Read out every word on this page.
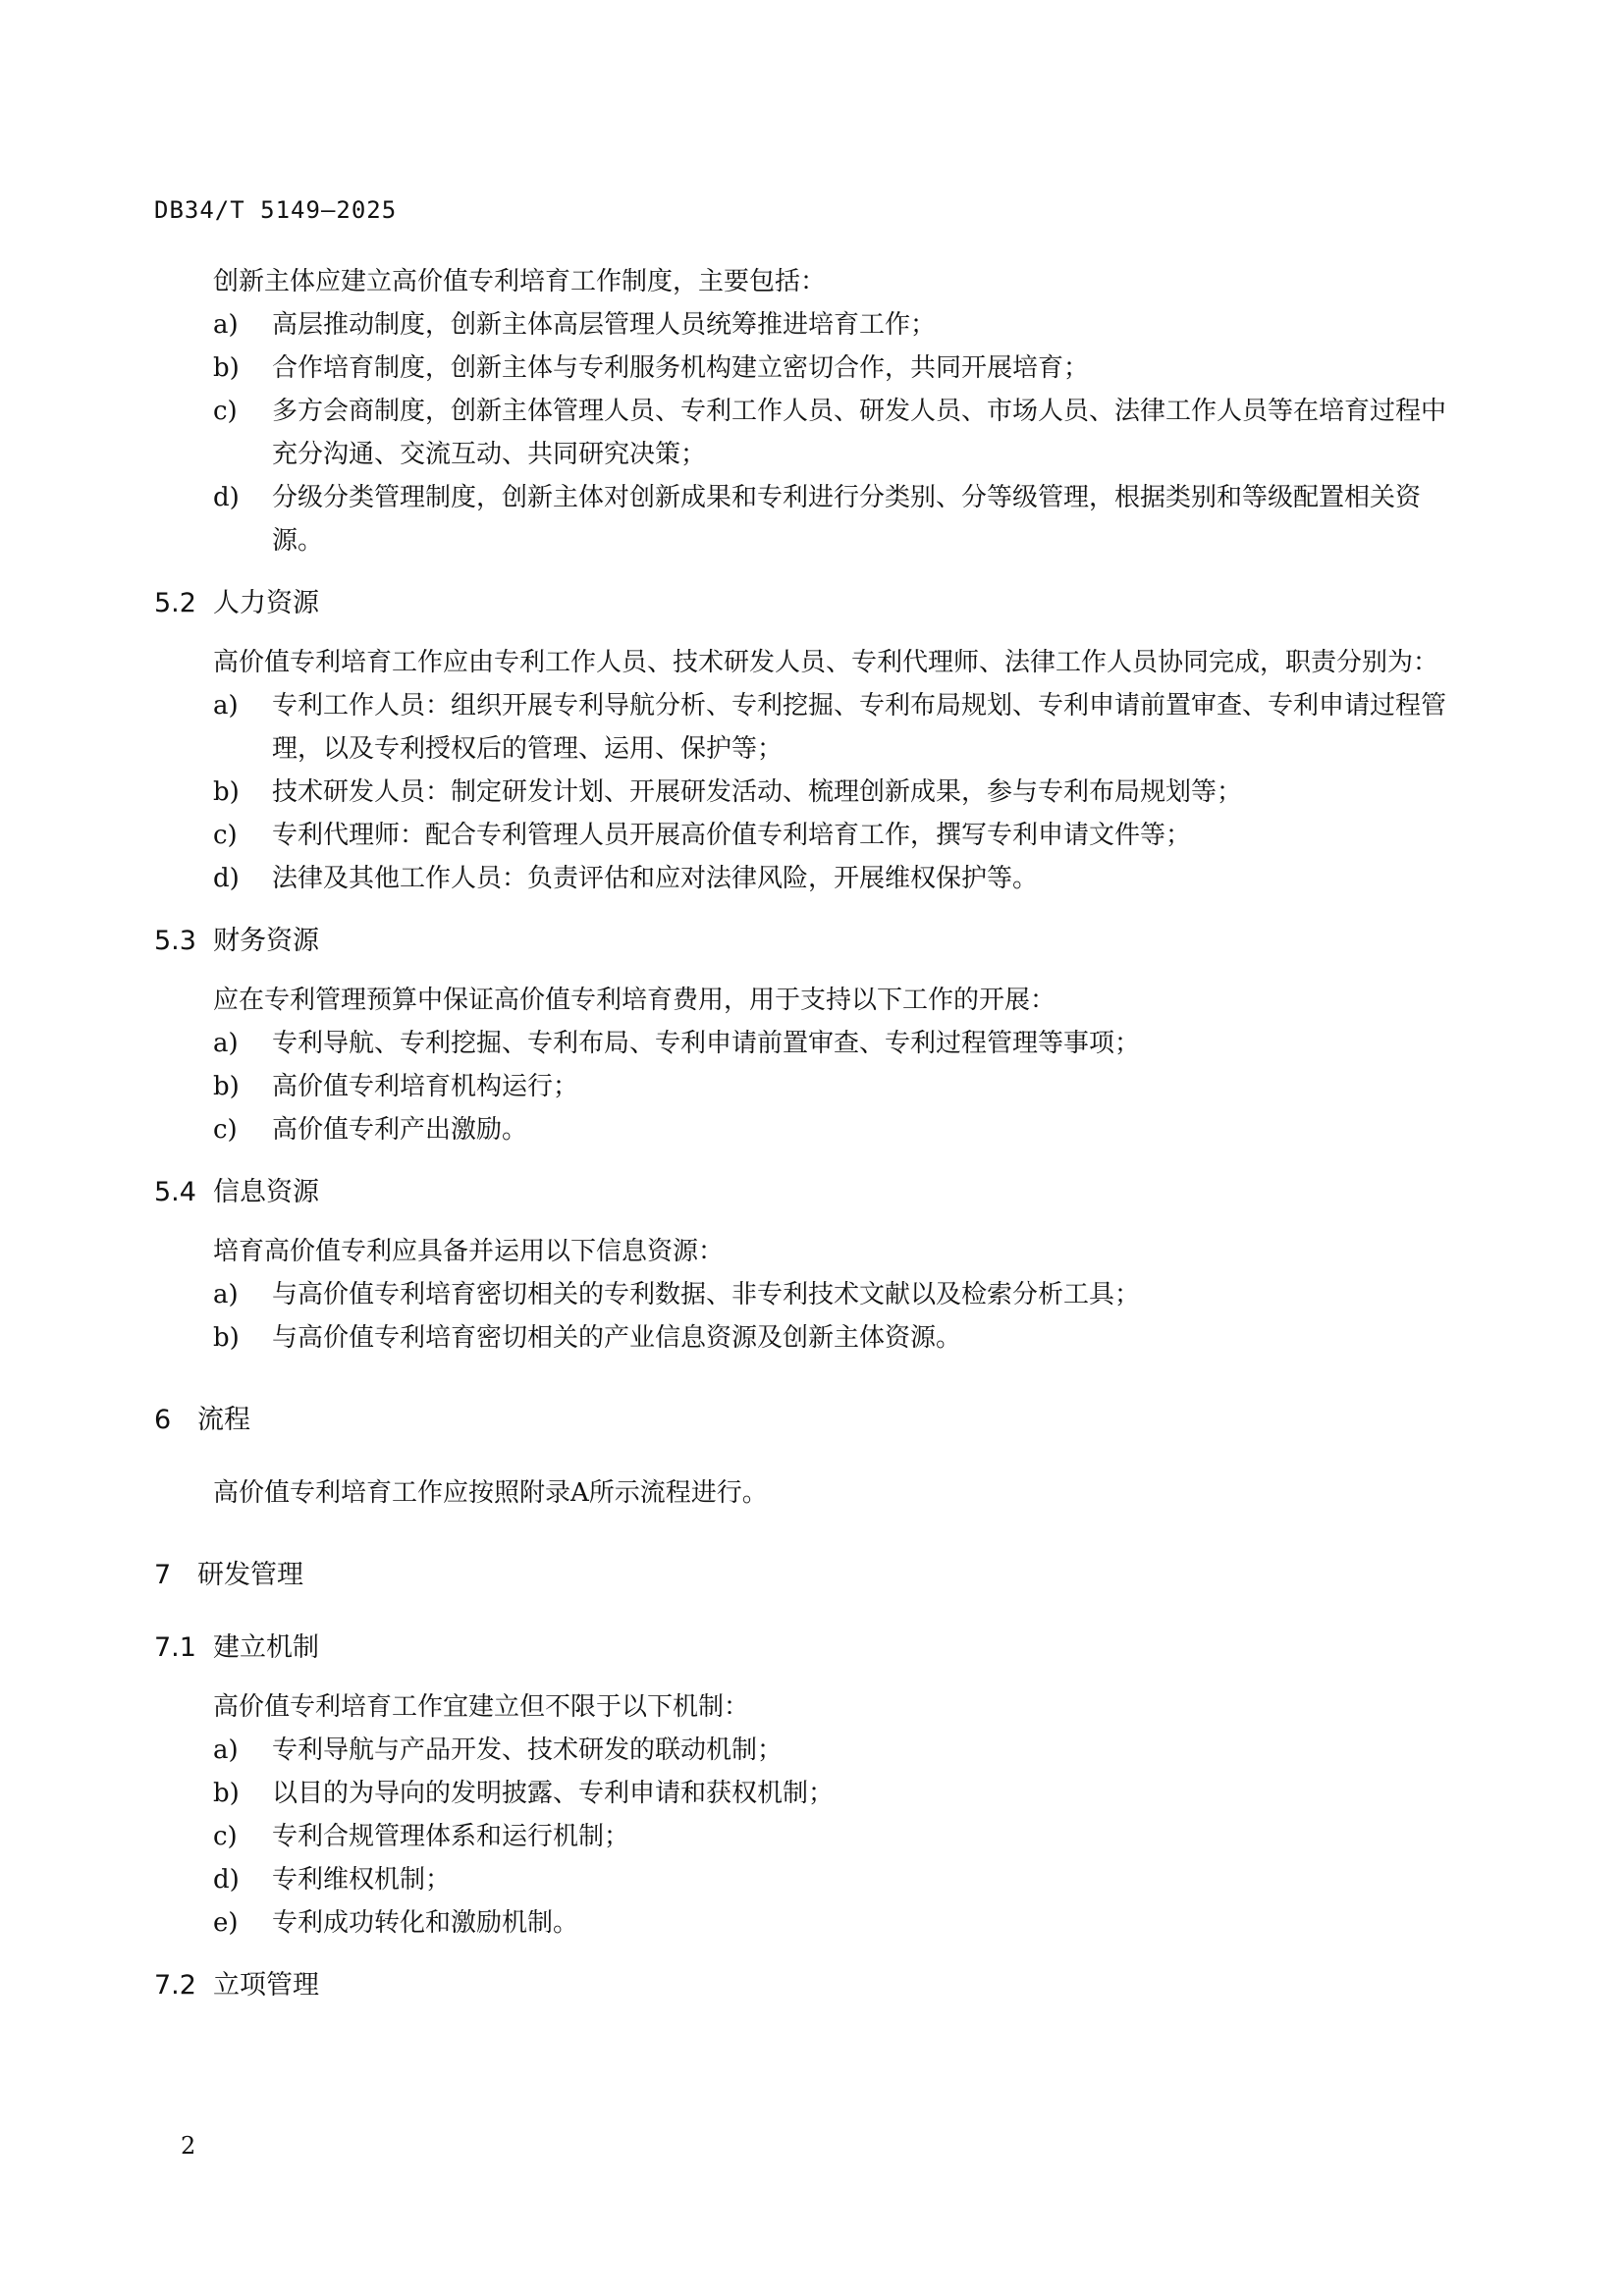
DB34/T 5149—2025

创新主体应建立高价值专利培育工作制度，主要包括：

a) 高层推动制度，创新主体高层管理人员统筹推进培育工作；

b) 合作培育制度，创新主体与专利服务机构建立密切合作，共同开展培育；

c) 多方会商制度，创新主体管理人员、专利工作人员、研发人员、市场人员、法律工作人员等在培育过程中充分沟通、交流互动、共同研究决策；

d) 分级分类管理制度，创新主体对创新成果和专利进行分类别、分等级管理，根据类别和等级配置相关资源。

5.2 人力资源

高价值专利培育工作应由专利工作人员、技术研发人员、专利代理师、法律工作人员协同完成，职责分别为：

a) 专利工作人员：组织开展专利导航分析、专利挖掘、专利布局规划、专利申请前置审查、专利申请过程管理，以及专利授权后的管理、运用、保护等；

b) 技术研发人员：制定研发计划、开展研发活动、梳理创新成果，参与专利布局规划等；

c) 专利代理师：配合专利管理人员开展高价值专利培育工作，撰写专利申请文件等；

d) 法律及其他工作人员：负责评估和应对法律风险，开展维权保护等。

5.3 财务资源

应在专利管理预算中保证高价值专利培育费用，用于支持以下工作的开展：

a) 专利导航、专利挖掘、专利布局、专利申请前置审查、专利过程管理等事项；

b) 高价值专利培育机构运行；

c) 高价值专利产出激励。

5.4 信息资源

培育高价值专利应具备并运用以下信息资源：

a) 与高价值专利培育密切相关的专利数据、非专利技术文献以及检索分析工具；

b) 与高价值专利培育密切相关的产业信息资源及创新主体资源。

6 流程

高价值专利培育工作应按照附录A所示流程进行。

7 研发管理

7.1 建立机制

高价值专利培育工作宜建立但不限于以下机制：

a) 专利导航与产品开发、技术研发的联动机制；

b) 以目的为导向的发明披露、专利申请和获权机制；

c) 专利合规管理体系和运行机制；

d) 专利维权机制；

e) 专利成功转化和激励机制。

7.2 立项管理

2
